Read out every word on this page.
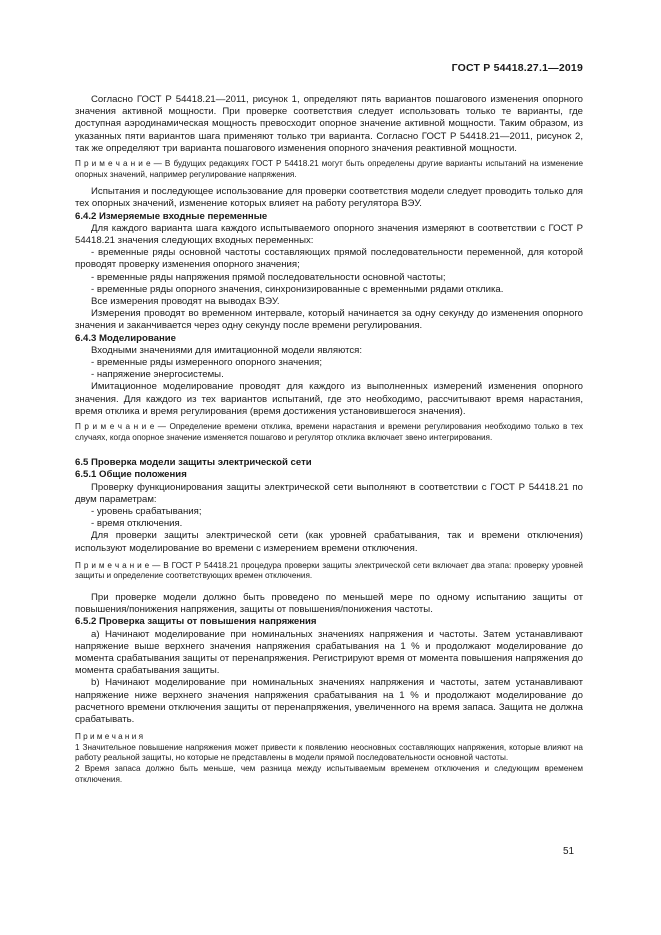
ГОСТ Р 54418.27.1—2019

Согласно ГОСТ Р 54418.21—2011, рисунок 1, определяют пять вариантов пошагового изменения опорного значения активной мощности. При проверке соответствия следует использовать только те варианты, где доступная аэродинамическая мощность превосходит опорное значение активной мощности. Таким образом, из указанных пяти вариантов шага применяют только три варианта. Согласно ГОСТ Р 54418.21—2011, рисунок 2, так же определяют три варианта пошагового изменения опорного значения реактивной мощности.

П р и м е ч а н и е — В будущих редакциях ГОСТ Р 54418.21 могут быть определены другие варианты испытаний на изменение опорных значений, например регулирование напряжения.

Испытания и последующее использование для проверки соответствия модели следует проводить только для тех опорных значений, изменение которых влияет на работу регулятора ВЭУ.

6.4.2 Измеряемые входные переменные

Для каждого варианта шага каждого испытываемого опорного значения измеряют в соответствии с ГОСТ Р 54418.21 значения следующих входных переменных:

- временные ряды основной частоты составляющих прямой последовательности переменной, для которой проводят проверку изменения опорного значения;

- временные ряды напряжения прямой последовательности основной частоты;

- временные ряды опорного значения, синхронизированные с временными рядами отклика.

Все измерения проводят на выводах ВЭУ.

Измерения проводят во временном интервале, который начинается за одну секунду до изменения опорного значения и заканчивается через одну секунду после времени регулирования.

6.4.3 Моделирование

Входными значениями для имитационной модели являются:

- временные ряды измеренного опорного значения;

- напряжение энергосистемы.

Имитационное моделирование проводят для каждого из выполненных измерений изменения опорного значения. Для каждого из тех вариантов испытаний, где это необходимо, рассчитывают время нарастания, время отклика и время регулирования (время достижения установившегося значения).

П р и м е ч а н и е — Определение времени отклика, времени нарастания и времени регулирования необходимо только в тех случаях, когда опорное значение изменяется пошагово и регулятор отклика включает звено интегрирования.

6.5 Проверка модели защиты электрической сети

6.5.1 Общие положения

Проверку функционирования защиты электрической сети выполняют в соответствии с ГОСТ Р 54418.21 по двум параметрам:

- уровень срабатывания;

- время отключения.

Для проверки защиты электрической сети (как уровней срабатывания, так и времени отключения) используют моделирование во времени с измерением времени отключения.

П р и м е ч а н и е — В ГОСТ Р 54418.21 процедура проверки защиты электрической сети включает два этапа: проверку уровней защиты и определение соответствующих времен отключения.

При проверке модели должно быть проведено по меньшей мере по одному испытанию защиты от повышения/понижения напряжения, защиты от повышения/понижения частоты.

6.5.2 Проверка защиты от повышения напряжения

а) Начинают моделирование при номинальных значениях напряжения и частоты. Затем устанавливают напряжение выше верхнего значения напряжения срабатывания на 1 % и продолжают моделирование до момента срабатывания защиты от перенапряжения. Регистрируют время от момента повышения напряжения до момента срабатывания защиты.

b) Начинают моделирование при номинальных значениях напряжения и частоты, затем устанавливают напряжение ниже верхнего значения напряжения срабатывания на 1 % и продолжают моделирование до расчетного времени отключения защиты от перенапряжения, увеличенного на время запаса. Защита не должна срабатывать.

П р и м е ч а н и я

1 Значительное повышение напряжения может привести к появлению неосновных составляющих напряжения, которые влияют на работу реальной защиты, но которые не представлены в модели прямой последовательности основной частоты.

2 Время запаса должно быть меньше, чем разница между испытываемым временем отключения и следующим временем отключения.

51
